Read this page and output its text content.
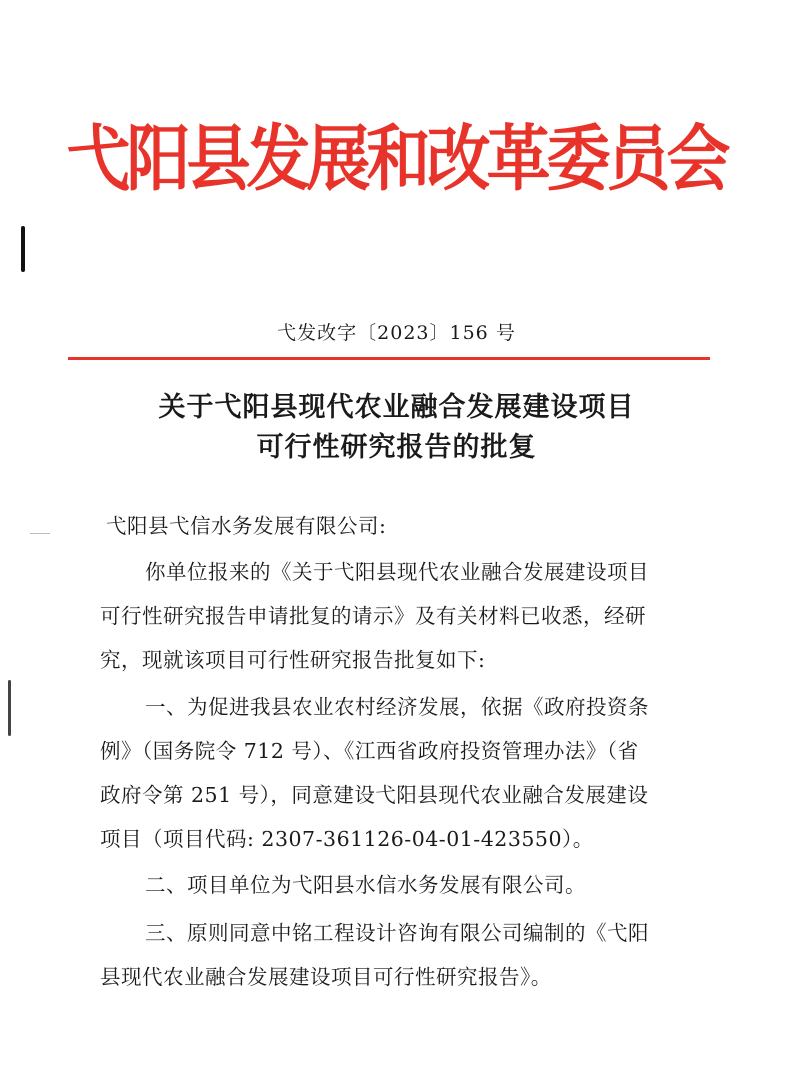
弋阳县发展和改革委员会
弋发改字〔2023〕156 号
关于弋阳县现代农业融合发展建设项目
可行性研究报告的批复
弋阳县弋信水务发展有限公司:
你单位报来的《关于弋阳县现代农业融合发展建设项目
可行性研究报告申请批复的请示》及有关材料已收悉，经研
究，现就该项目可行性研究报告批复如下:
一、为促进我县农业农村经济发展，依据《政府投资条
例》（国务院令 712 号）、《江西省政府投资管理办法》（省
政府令第 251 号），同意建设弋阳县现代农业融合发展建设
项目（项目代码: 2307-361126-04-01-423550）。
二、项目单位为弋阳县水信水务发展有限公司。
三、原则同意中铭工程设计咨询有限公司编制的《弋阳
县现代农业融合发展建设项目可行性研究报告》。
